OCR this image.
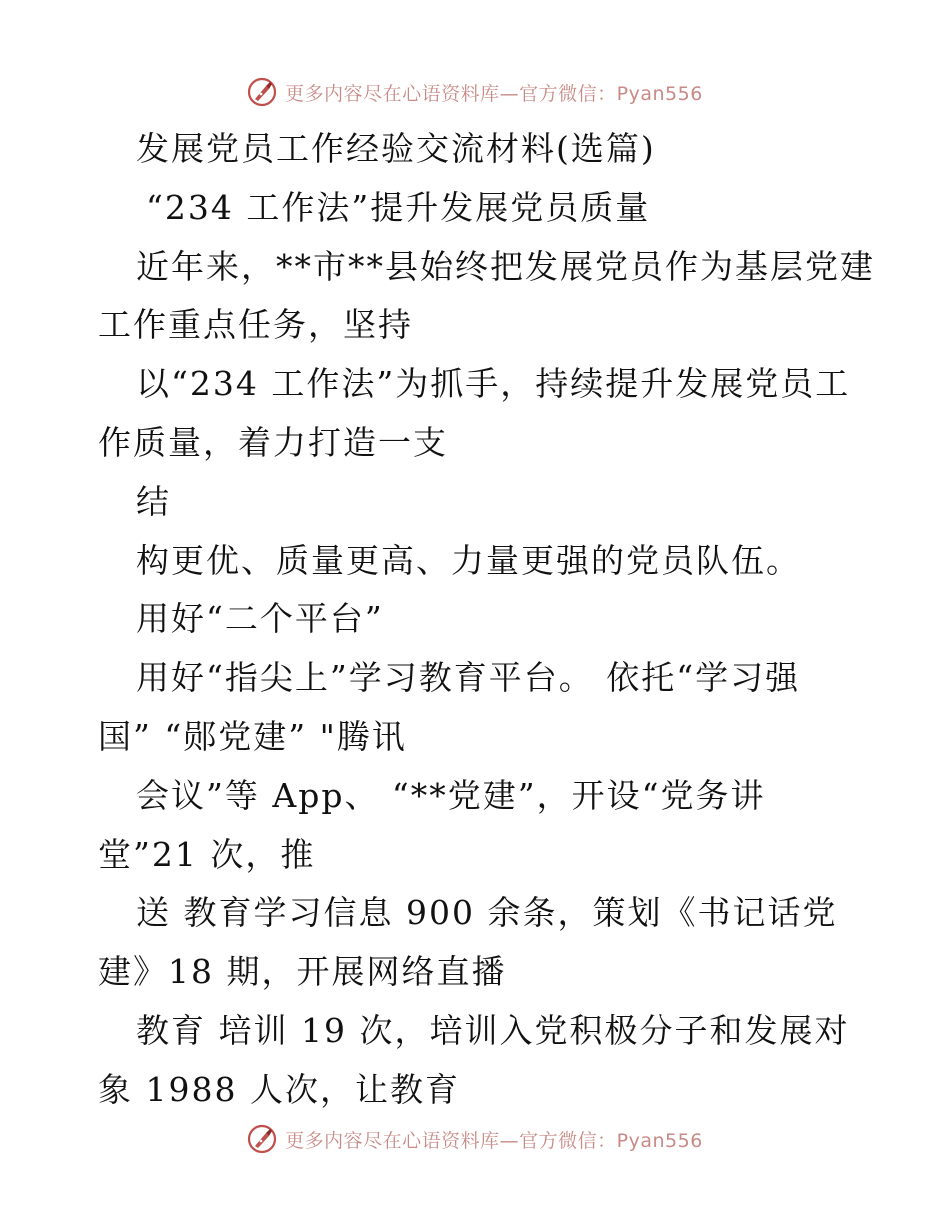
更多内容尽在心语资料库—官方微信：Pyan556
发展党员工作经验交流材料(选篇)
“234 工作法”提升发展党员质量
近年来，**市**县始终把发展党员作为基层党建
工作重点任务，坚持
以“234 工作法”为抓手，持续提升发展党员工
作质量，着力打造一支
结
构更优、质量更高、力量更强的党员队伍。
用好“二个平台”
用好“指尖上”学习教育平台。 依托“学习强
国” “郧党建” "腾讯
会议”等 App、 “**党建”，开设“党务讲
堂”21 次，推
送 教育学习信息 900 余条，策划《书记话党
建》18 期，开展网络直播
教育 培训 19 次，培训入党积极分子和发展对
象 1988 人次，让教育
更多内容尽在心语资料库—官方微信：Pyan556
